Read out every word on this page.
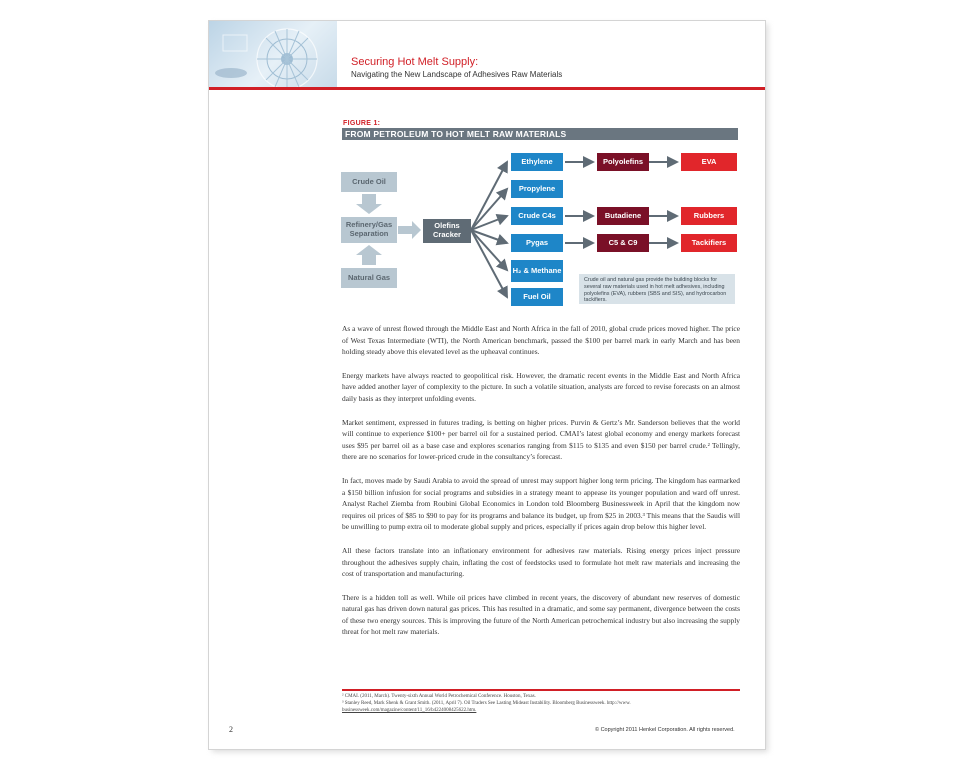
Securing Hot Melt Supply:
Navigating the New Landscape of Adhesives Raw Materials
FIGURE 1:
FROM PETROLEUM TO HOT MELT RAW MATERIALS
Crude Oil
Refinery/Gas Separation
Natural Gas
Olefins Cracker
Ethylene
Propylene
Crude C4s
Pygas
H₂ & Methane
Fuel Oil
Polyolefins
Butadiene
C5 & C9
EVA
Rubbers
Tackifiers
Crude oil and natural gas provide the building blocks for several raw materials used in hot melt adhesives, including polyolefins (EVA), rubbers (SBS and SIS), and hydrocarbon tackifiers.

As a wave of unrest flowed through the Middle East and North Africa in the fall of 2010, global crude prices moved higher. The price of West Texas Intermediate (WTI), the North American benchmark, passed the $100 per barrel mark in early March and has been holding steady above this elevated level as the upheaval continues.

Energy markets have always reacted to geopolitical risk. However, the dramatic recent events in the Middle East and North Africa have added another layer of complexity to the picture. In such a volatile situation, analysts are forced to revise forecasts on an almost daily basis as they interpret unfolding events.

Market sentiment, expressed in futures trading, is betting on higher prices. Purvin & Gertz’s Mr. Sanderson believes that the world will continue to experience $100+ per barrel oil for a sustained period. CMAI’s latest global economy and energy markets forecast uses $95 per barrel oil as a base case and explores scenarios ranging from $115 to $135 and even $150 per barrel crude.² Tellingly, there are no scenarios for lower-priced crude in the consultancy’s forecast.

In fact, moves made by Saudi Arabia to avoid the spread of unrest may support higher long term pricing. The kingdom has earmarked a $150 billion infusion for social programs and subsidies in a strategy meant to appease its younger population and ward off unrest. Analyst Rachel Ziemba from Roubini Global Economics in London told Bloomberg Businessweek in April that the kingdom now requires oil prices of $85 to $90 to pay for its programs and balance its budget, up from $25 in 2003.³ This means that the Saudis will be unwilling to pump extra oil to moderate global supply and prices, especially if prices again drop below this higher level.

All these factors translate into an inflationary environment for adhesives raw materials. Rising energy prices inject pressure throughout the adhesives supply chain, inflating the cost of feedstocks used to formulate hot melt raw materials and increasing the cost of transportation and manufacturing.

There is a hidden toll as well. While oil prices have climbed in recent years, the discovery of abundant new reserves of domestic natural gas has driven down natural gas prices. This has resulted in a dramatic, and some say permanent, divergence between the costs of these two energy sources. This is improving the future of the North American petrochemical industry but also increasing the supply threat for hot melt raw materials.

² CMAI. (2011, March). Twenty-sixth Annual World Petrochemical Conference. Houston, Texas.
³ Stanley Reed, Mark Shenk & Grant Smith. (2011, April 7). Oil Traders See Lasting Mideast Instability. Bloomberg Businessweek. http://www.
businessweek.com/magazine/content/11_16/b4224008425622.htm.
2	© Copyright 2011 Henkel Corporation. All rights reserved.
